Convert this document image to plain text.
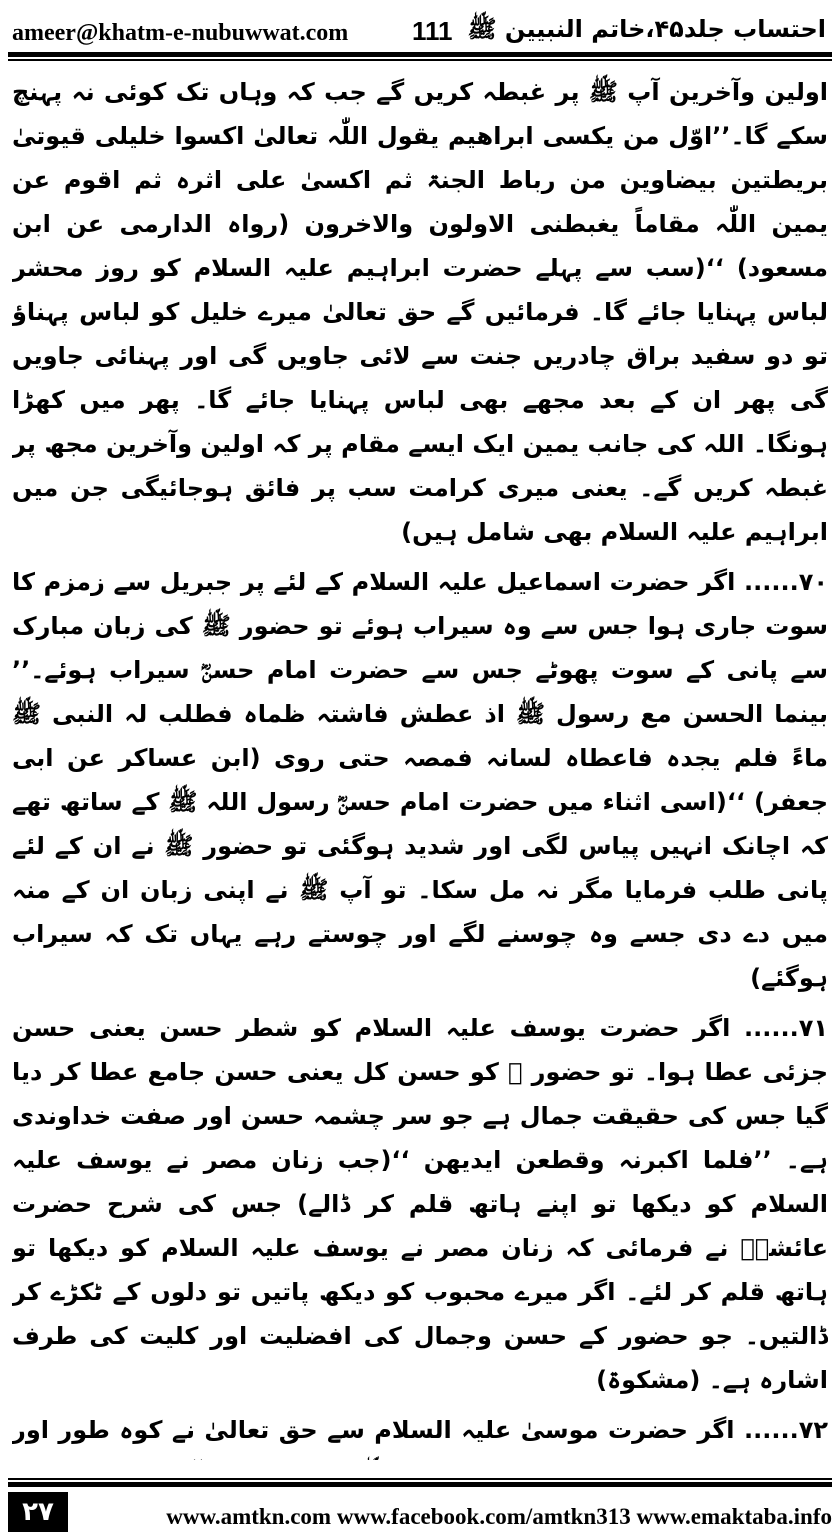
ameer@khatm-e-nubuwwat.com 111 احتساب جلد۴۵،خاتم النبیین ﷺ

اولین وآخرین آپ ﷺ پر غبطہ کریں گے جب کہ وہاں تک کوئی نہ پہنچ سکے گا۔’’اوّل من یکسی ابراھیم یقول اللّٰہ تعالیٰ اکسوا خلیلی قیوتیٰ بریطتین بیضاوین من رباط الجنۃ ثم اکسیٰ علی اثرہ ثم اقوم عن یمین اللّٰہ مقاماً یغبطنی الاولون والاخرون (رواہ الدارمی عن ابن مسعود) ‘‘(سب سے پہلے حضرت ابراہیم علیہ السلام کو روز محشر لباس پہنایا جائے گا۔ فرمائیں گے حق تعالیٰ میرے خلیل کو لباس پہناؤ تو دو سفید براق چادریں جنت سے لائی جاویں گی اور پہنائی جاویں گی پھر ان کے بعد مجھے بھی لباس پہنایا جائے گا۔ پھر میں کھڑا ہونگا۔ اللہ کی جانب یمین ایک ایسے مقام پر کہ اولین وآخرین مجھ پر غبطہ کریں گے۔ یعنی میری کرامت سب پر فائق ہوجائیگی جن میں ابراہیم علیہ السلام بھی شامل ہیں)

۷۰...... اگر حضرت اسماعیل علیہ السلام کے لئے پر جبریل سے زمزم کا سوت جاری ہوا جس سے وہ سیراب ہوئے تو حضور ﷺ کی زبان مبارک سے پانی کے سوت پھوٹے جس سے حضرت امام حسنؓ سیراب ہوئے۔’’ بینما الحسن مع رسول ﷺ اذ عطش فاشتہ ظماہ فطلب لہ النبی ﷺ ماءً فلم یجدہ فاعطاہ لسانہ فمصہ حتی روی (ابن عساکر عن ابی جعفر) ‘‘(اسی اثناء میں حضرت امام حسنؓ رسول اللہ ﷺ کے ساتھ تھے کہ اچانک انہیں پیاس لگی اور شدید ہوگئی تو حضور ﷺ نے ان کے لئے پانی طلب فرمایا مگر نہ مل سکا۔ تو آپ ﷺ نے اپنی زبان ان کے منہ میں دے دی جسے وہ چوسنے لگے اور چوستے رہے یہاں تک کہ سیراب ہوگئے)

۷۱...... اگر حضرت یوسف علیہ السلام کو شطر حسن یعنی حسن جزئی عطا ہوا۔ تو حضور ﷺ کو حسن کل یعنی حسن جامع عطا کر دیا گیا جس کی حقیقت جمال ہے جو سر چشمہ حسن اور صفت خداوندی ہے۔ ’’فلما اکبرنہ وقطعن ایدیھن ‘‘(جب زنان مصر نے یوسف علیہ السلام کو دیکھا تو اپنے ہاتھ قلم کر ڈالے) جس کی شرح حضرت عائشہؓ نے فرمائی کہ زنان مصر نے یوسف علیہ السلام کو دیکھا تو ہاتھ قلم کر لئے۔ اگر میرے محبوب کو دیکھ پاتیں تو دلوں کے ٹکڑے کر ڈالتیں۔ جو حضور کے حسن وجمال کی افضلیت اور کلیت کی طرف اشارہ ہے۔ (مشکوۃ)

۷۲...... اگر حضرت موسیٰ علیہ السلام سے حق تعالیٰ نے کوہ طور اور

۲۷	www.amtkn.com www.facebook.com/amtkn313 www.emaktaba.info
